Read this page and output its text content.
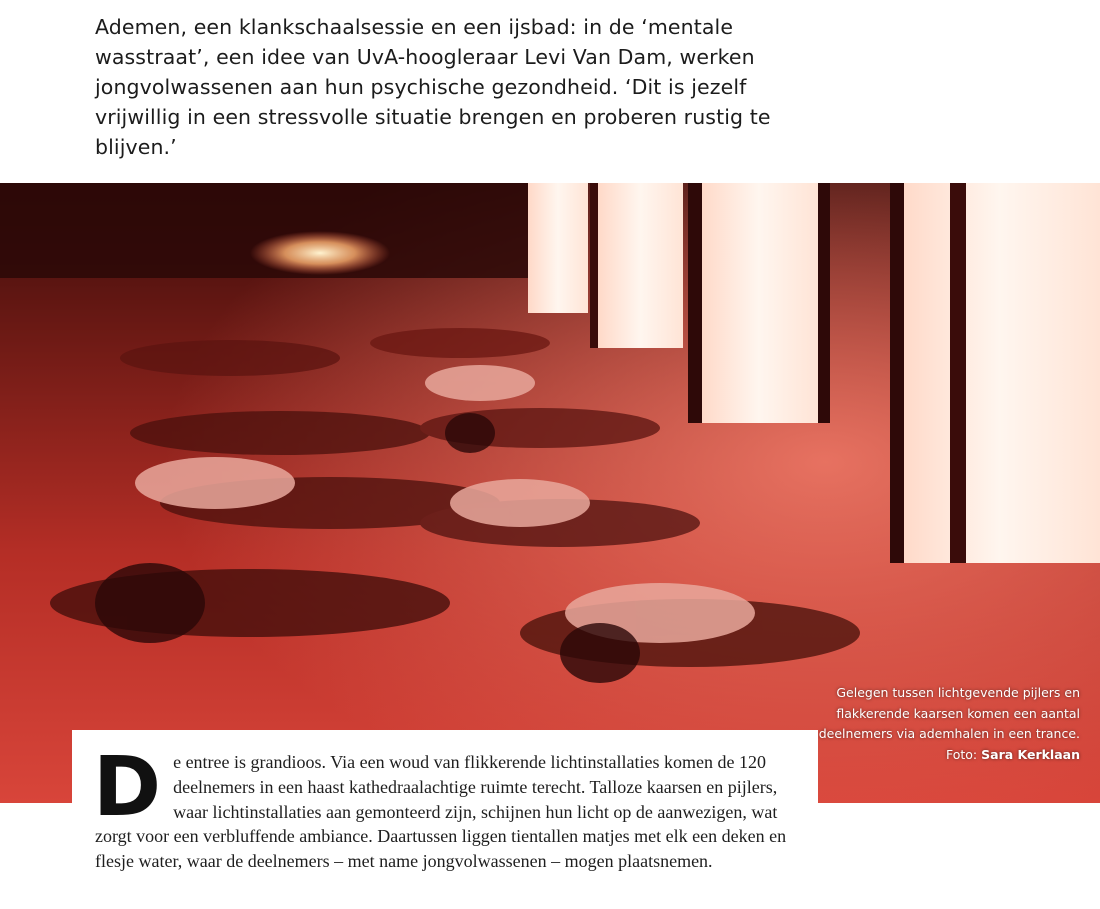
Ademen, een klankschaalsessie en een ijsbad: in de ‘mentale wasstraat’, een idee van UvA-hoogleraar Levi Van Dam, werken jongvolwassenen aan hun psychische gezondheid. ‘Dit is jezelf vrijwillig in een stressvolle situatie brengen en proberen rustig te blijven.’

Gelegen tussen lichtgevende pijlers en flakkerende kaarsen komen een aantal deelnemers via ademhalen in een trance.
Foto: Sara Kerklaan

De entree is grandioos. Via een woud van flikkerende lichtinstallaties komen de 120 deelnemers in een haast kathedraalachtige ruimte terecht. Talloze kaarsen en pijlers, waar lichtinstallaties aan gemonteerd zijn, schijnen hun licht op de aanwezigen, wat zorgt voor een verbluffende ambiance. Daartussen liggen tientallen matjes met elk een deken en flesje water, waar de deelnemers – met name jongvolwassenen – mogen plaatsnemen.
